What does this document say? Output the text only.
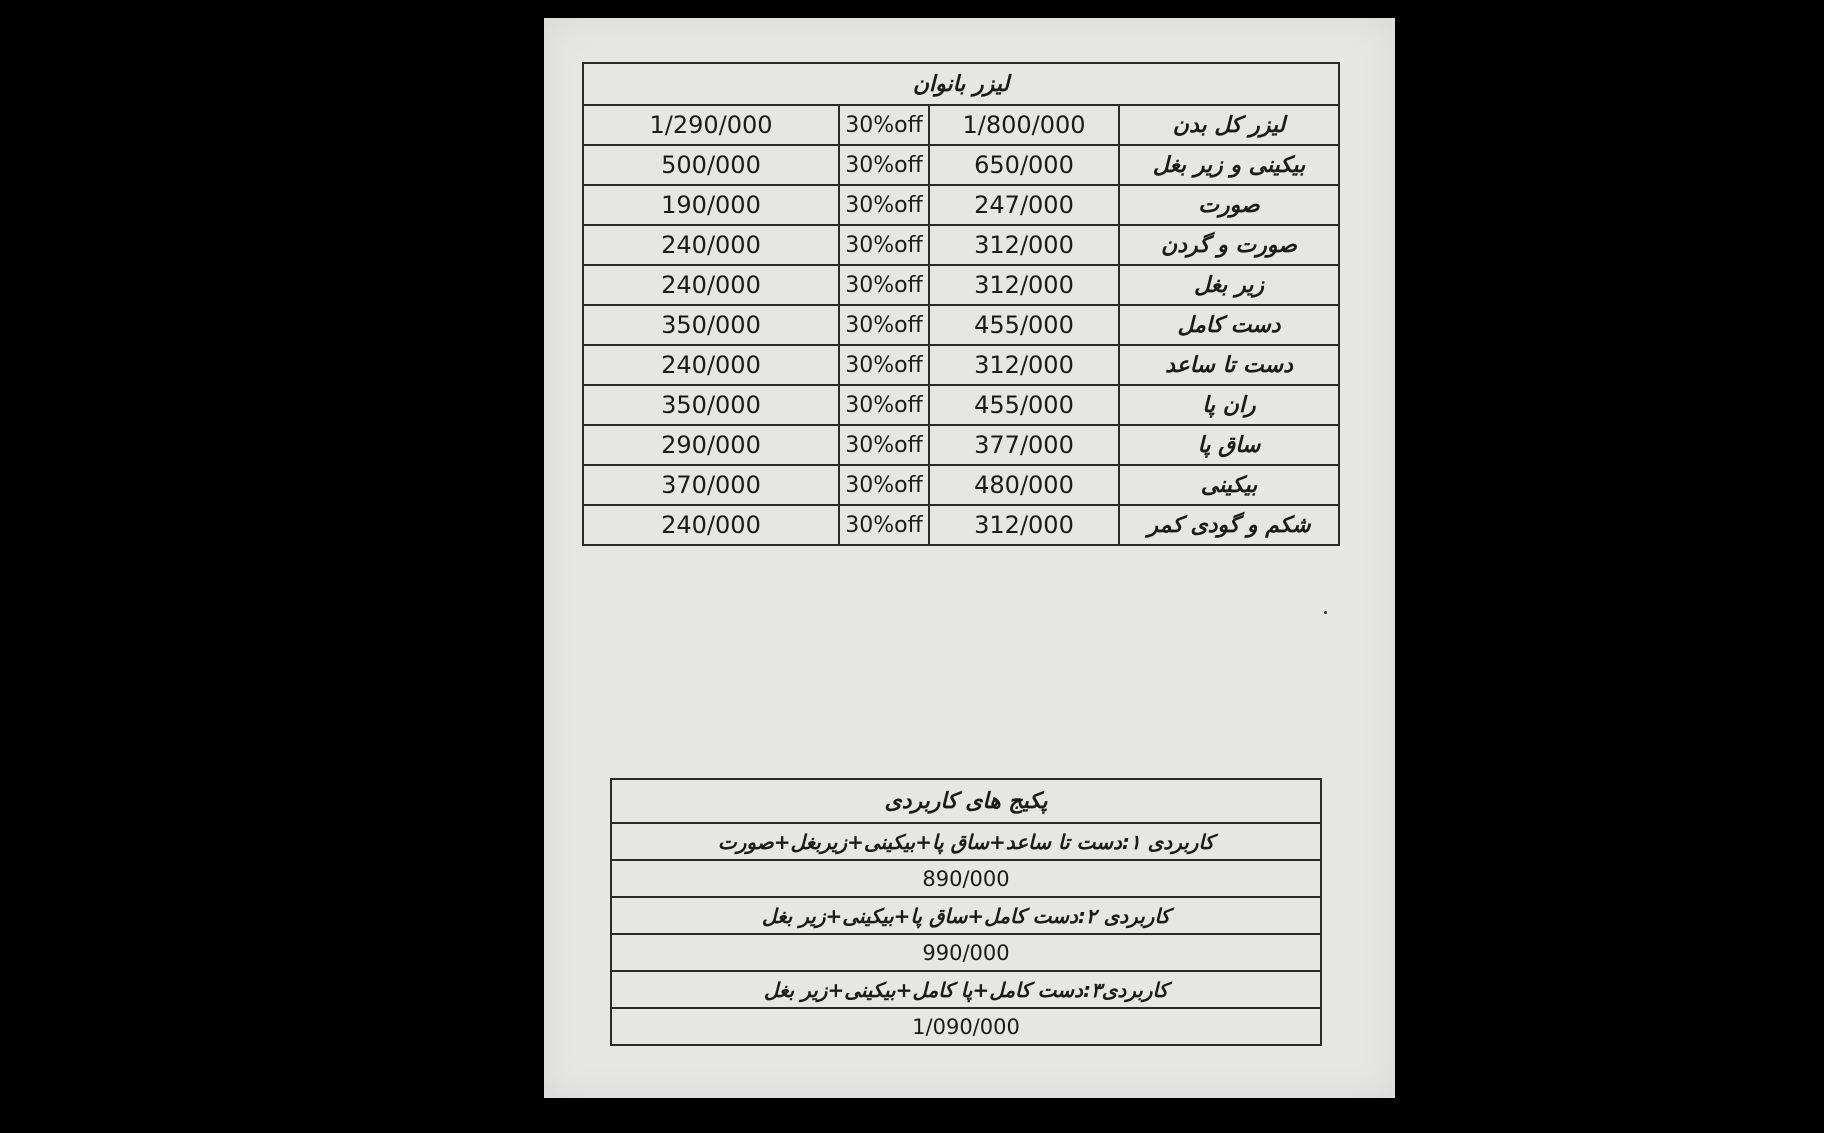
لیزر بانوان			
1/290/000	30%off	1/800/000	لیزر کل بدن
500/000	30%off	650/000	بیکینی و زیر بغل
190/000	30%off	247/000	صورت
240/000	30%off	312/000	صورت و گردن
240/000	30%off	312/000	زیر بغل
350/000	30%off	455/000	دست کامل
240/000	30%off	312/000	دست تا ساعد
350/000	30%off	455/000	ران پا
290/000	30%off	377/000	ساق پا
370/000	30%off	480/000	بیکینی
240/000	30%off	312/000	شکم و گودی کمر
پکیج های کاربردی
کاربردی ۱:دست تا ساعد+ساق پا+بیکینی+زیربغل+صورت
890/000
کاربردی ۲:دست کامل+ساق پا+بیکینی+زیر بغل
990/000
کاربردی۳:دست کامل+پا کامل+بیکینی+زیر بغل
1/090/000
